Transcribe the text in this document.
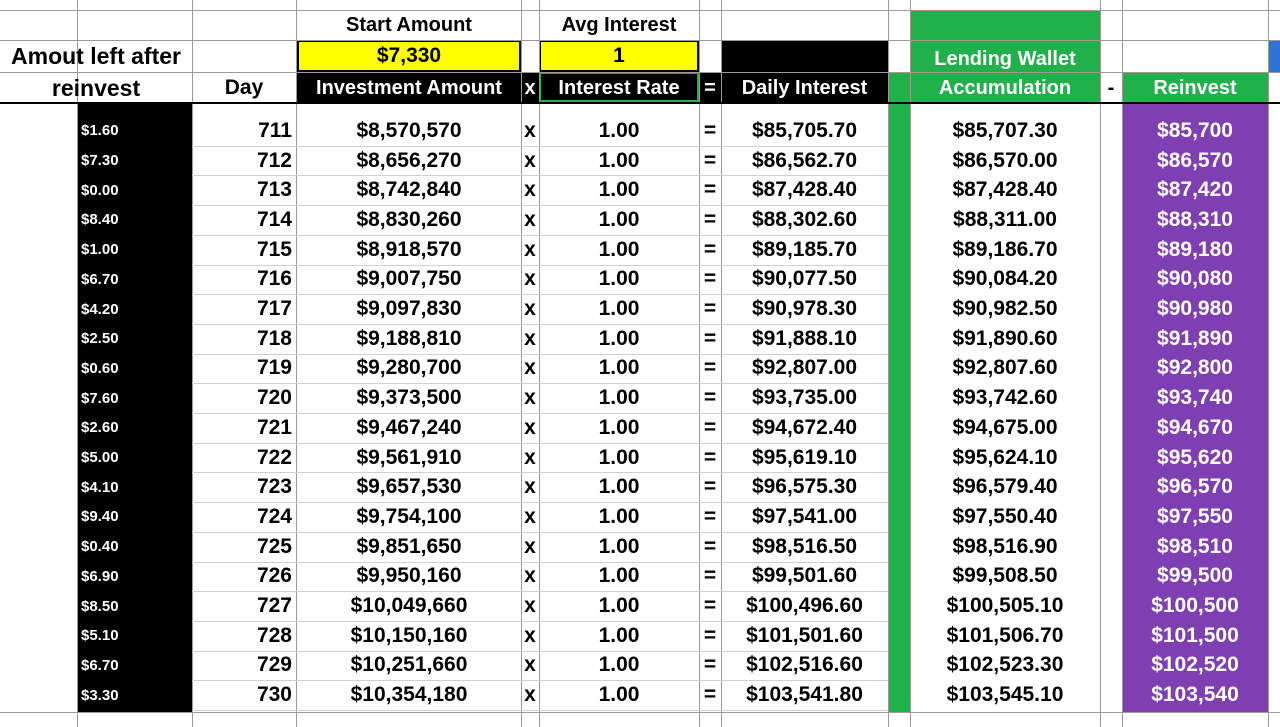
Amout left after
reinvest	Day
Start Amount
$7,330
Avg Interest
1
Investment Amount	x	Interest Rate	=	Daily Interest
Lending Wallet
Accumulation	-	Reinvest
$1.60	711	$8,570,570	x	1.00	=	$85,705.70	$85,707.30	$85,700
$7.30	712	$8,656,270	x	1.00	=	$86,562.70	$86,570.00	$86,570
$0.00	713	$8,742,840	x	1.00	=	$87,428.40	$87,428.40	$87,420
$8.40	714	$8,830,260	x	1.00	=	$88,302.60	$88,311.00	$88,310
$1.00	715	$8,918,570	x	1.00	=	$89,185.70	$89,186.70	$89,180
$6.70	716	$9,007,750	x	1.00	=	$90,077.50	$90,084.20	$90,080
$4.20	717	$9,097,830	x	1.00	=	$90,978.30	$90,982.50	$90,980
$2.50	718	$9,188,810	x	1.00	=	$91,888.10	$91,890.60	$91,890
$0.60	719	$9,280,700	x	1.00	=	$92,807.00	$92,807.60	$92,800
$7.60	720	$9,373,500	x	1.00	=	$93,735.00	$93,742.60	$93,740
$2.60	721	$9,467,240	x	1.00	=	$94,672.40	$94,675.00	$94,670
$5.00	722	$9,561,910	x	1.00	=	$95,619.10	$95,624.10	$95,620
$4.10	723	$9,657,530	x	1.00	=	$96,575.30	$96,579.40	$96,570
$9.40	724	$9,754,100	x	1.00	=	$97,541.00	$97,550.40	$97,550
$0.40	725	$9,851,650	x	1.00	=	$98,516.50	$98,516.90	$98,510
$6.90	726	$9,950,160	x	1.00	=	$99,501.60	$99,508.50	$99,500
$8.50	727	$10,049,660	x	1.00	=	$100,496.60	$100,505.10	$100,500
$5.10	728	$10,150,160	x	1.00	=	$101,501.60	$101,506.70	$101,500
$6.70	729	$10,251,660	x	1.00	=	$102,516.60	$102,523.30	$102,520
$3.30	730	$10,354,180	x	1.00	=	$103,541.80	$103,545.10	$103,540
